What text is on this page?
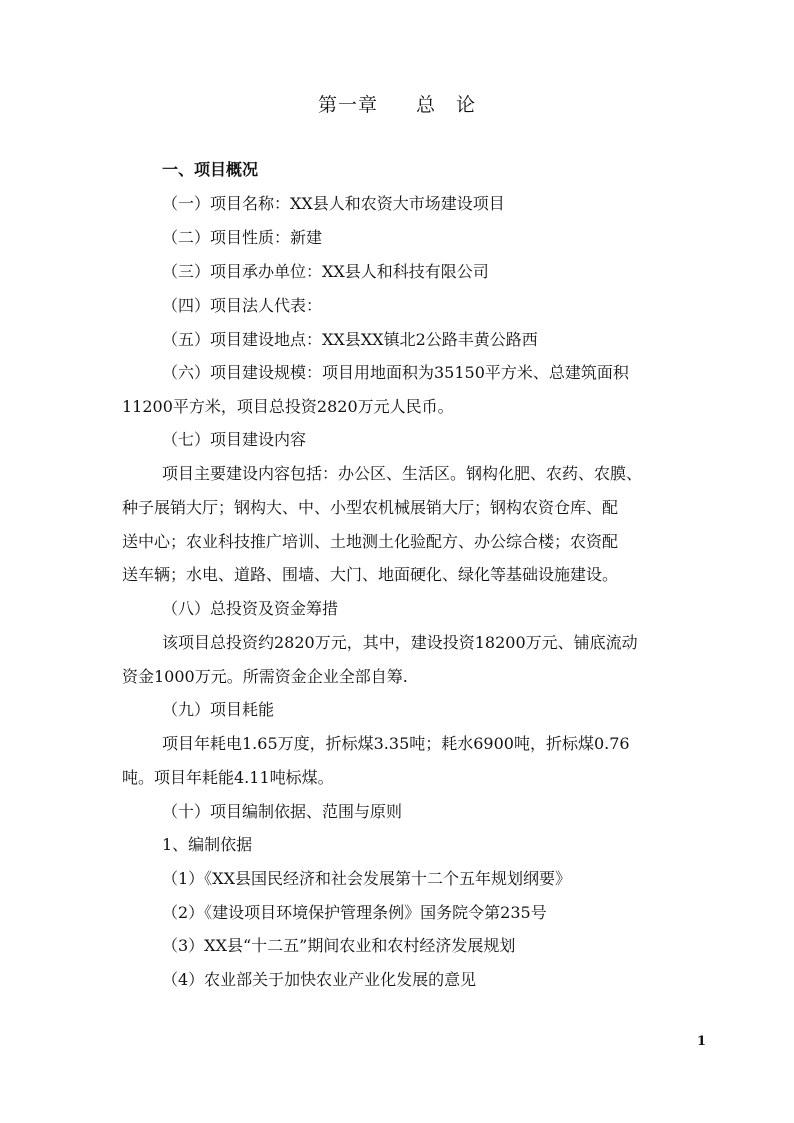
第一章 总 论
一、项目概况
（一）项目名称：XX县人和农资大市场建设项目
（二）项目性质：新建
（三）项目承办单位：XX县人和科技有限公司
（四）项目法人代表：
（五）项目建设地点：XX县XX镇北2公路丰黄公路西
（六）项目建设规模：项目用地面积为35150平方米、总建筑面积
11200平方米，项目总投资2820万元人民币。
（七）项目建设内容
项目主要建设内容包括：办公区、生活区。钢构化肥、农药、农膜、
种子展销大厅；钢构大、中、小型农机械展销大厅；钢构农资仓库、配
送中心；农业科技推广培训、土地测土化验配方、办公综合楼；农资配
送车辆；水电、道路、围墙、大门、地面硬化、绿化等基础设施建设。
（八）总投资及资金筹措
该项目总投资约2820万元，其中，建设投资18200万元、铺底流动
资金1000万元。所需资金企业全部自筹.
（九）项目耗能
项目年耗电1.65万度，折标煤3.35吨；耗水6900吨，折标煤0.76
吨。项目年耗能4.11吨标煤。
（十）项目编制依据、范围与原则
1、编制依据
（1）《XX县国民经济和社会发展第十二个五年规划纲要》
（2）《建设项目环境保护管理条例》国务院令第235号
（3）XX县“十二五”期间农业和农村经济发展规划
（4）农业部关于加快农业产业化发展的意见
1
